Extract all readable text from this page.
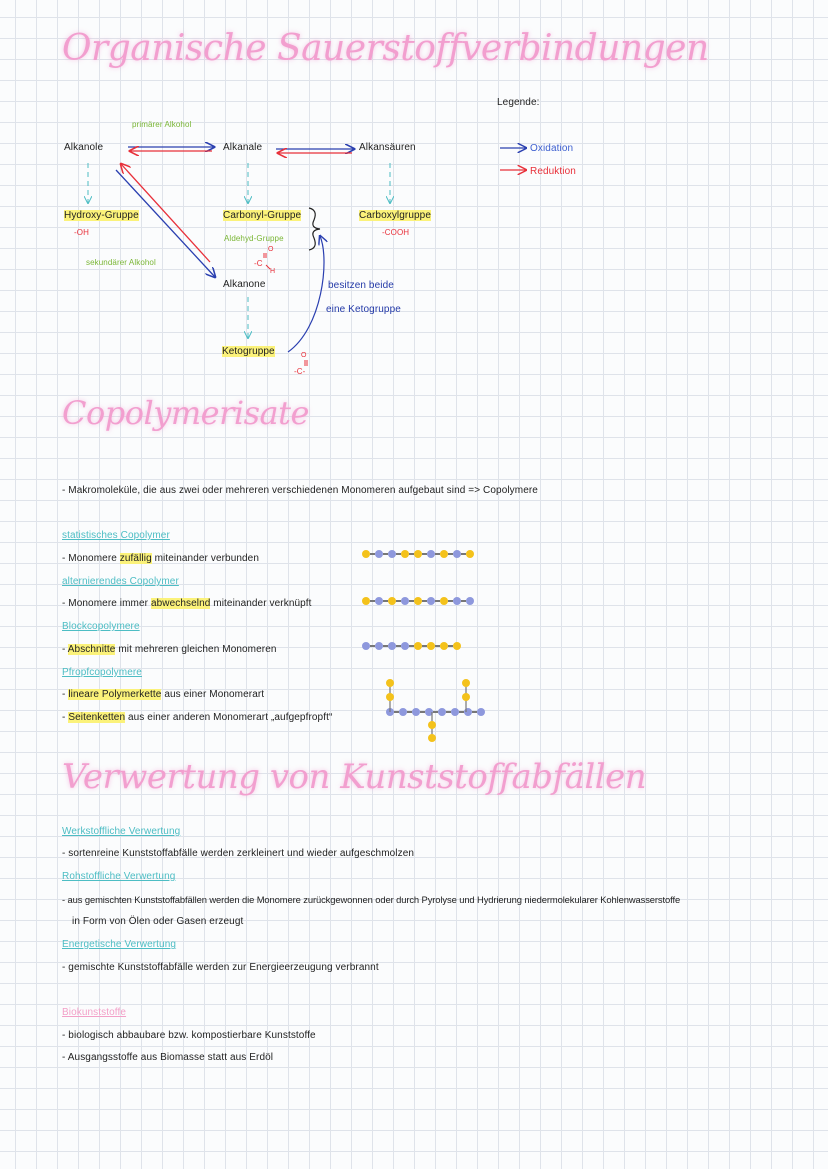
Organische Sauerstoffverbindungen
Legende:
Oxidation
Reduktion
primärer Alkohol
Alkanole	Alkanale	Alkansäuren
Hydroxy-Gruppe
-OH
Carbonyl-Gruppe
Aldehyd-Gruppe
Carboxylgruppe
-COOH
O
-C
H
sekundärer Alkohol
Alkanone	besitzen beide
eine Ketogruppe
Ketogruppe	O
-C-
Copolymerisate
- Makromoleküle, die aus zwei oder mehreren verschiedenen Monomeren aufgebaut sind => Copolymere
statistisches Copolymer
- Monomere zufällig miteinander verbunden
alternierendes Copolymer
- Monomere immer abwechselnd miteinander verknüpft
Blockcopolymere
- Abschnitte mit mehreren gleichen Monomeren
Pfropfcopolymere
- lineare Polymerkette aus einer Monomerart
- Seitenketten aus einer anderen Monomerart „aufgepfropft“
Verwertung von Kunststoffabfällen
Werkstoffliche Verwertung
- sortenreine Kunststoffabfälle werden zerkleinert und wieder aufgeschmolzen
Rohstoffliche Verwertung
- aus gemischten Kunststoffabfällen werden die Monomere zurückgewonnen oder durch Pyrolyse und Hydrierung niedermolekularer Kohlenwasserstoffe
in Form von Ölen oder Gasen erzeugt
Energetische Verwertung
- gemischte Kunststoffabfälle werden zur Energieerzeugung verbrannt
Biokunststoffe
- biologisch abbaubare bzw. kompostierbare Kunststoffe
- Ausgangsstoffe aus Biomasse statt aus Erdöl
